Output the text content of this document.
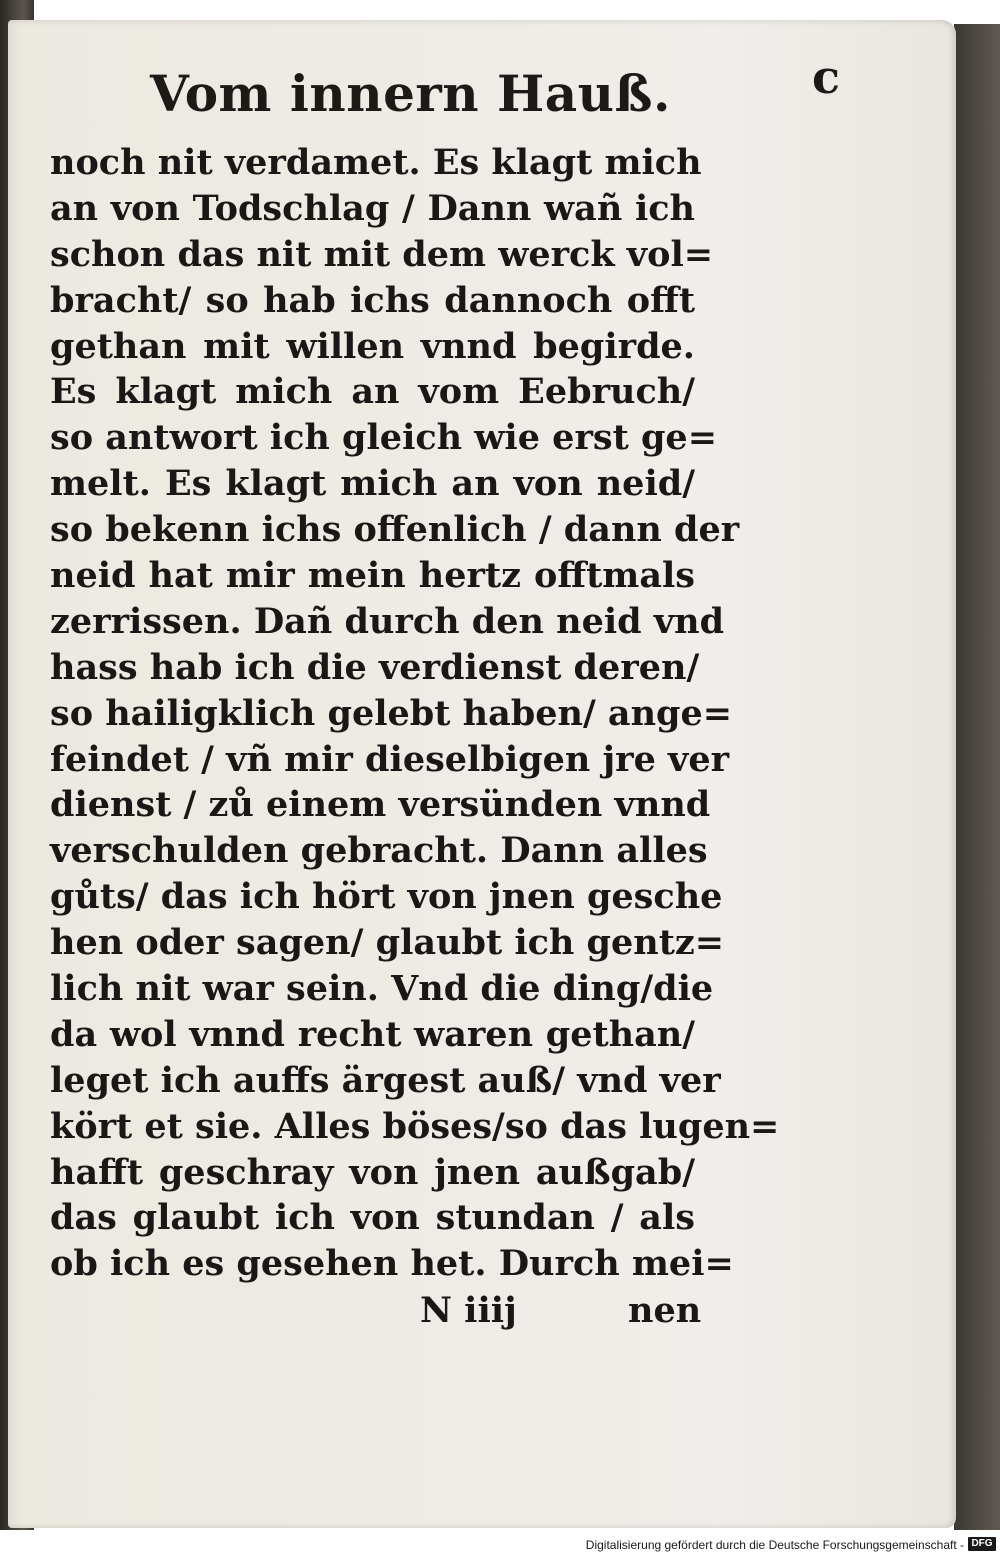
Vom innern Hauß.	c
noch nit verdamet. Es klagt mich
an von Todschlag / Dann wañ ich
schon das nit mit dem werck vol=
bracht/ so hab ichs dannoch offt
gethan mit willen vnnd begirde.
Es klagt mich an vom Eebruch/
so antwort ich gleich wie erst ge=
melt. Es klagt mich an von neid/
so bekenn ichs offenlich / dann der
neid hat mir mein hertz offtmals
zerrissen. Dañ durch den neid vnd
hass hab ich die verdienst deren/
so hailigklich gelebt haben/ ange=
feindet / vñ mir dieselbigen jre ver
dienst / zů einem versünden vnnd
verschulden gebracht. Dann alles
gůts/ das ich hört von jnen gesche
hen oder sagen/ glaubt ich gentz=
lich nit war sein. Vnd die ding/die
da wol vnnd recht waren gethan/
leget ich auffs ärgest auß/ vnd ver
kört et sie. Alles böses/so das lugen=
hafft geschray von jnen außgab/
das glaubt ich von stundan / als
ob ich es gesehen het. Durch mei=
N iiij	nen
Digitalisierung gefördert durch die Deutsche Forschungsgemeinschaft - DFG
